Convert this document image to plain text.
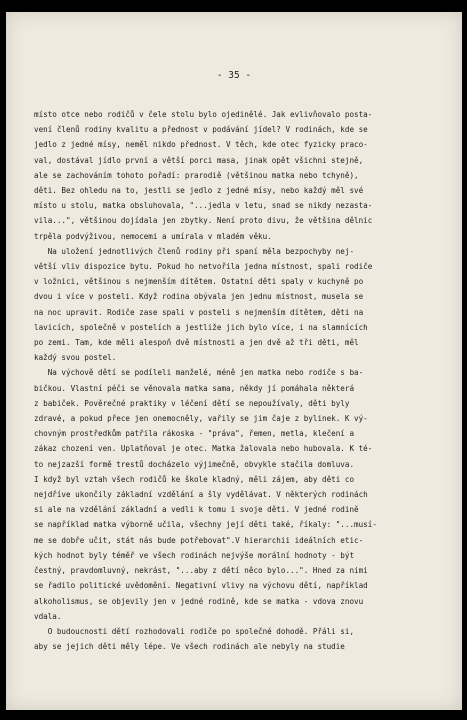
- 35 -

místo otce nebo rodičů v čele stolu bylo ojedinělé. Jak evlivňovalo posta-
vení členů rodiny kvalitu a přednost v podávání jídel? V rodinách, kde se
jedlo z jedné mísy, neměl nikdo přednost. V těch, kde otec fyzicky praco-
val, dostával jídlo první a větší porci masa, jinak opět všichni stejně,
ale se zachováním tohoto pořadí: prarodiě (většinou matka nebo tchyně),
děti. Bez ohledu na to, jestli se jedlo z jedné mísy, nebo každý měl své
místo u stolu, matka obsluhovala, "...jedla v letu, snad se nikdy nezasta-
vila...", většinou dojídala jen zbytky. Není proto divu, že většina dělnic
trpěla podvýživou, nemocemi a umírala v mladém věku.
Na uložení jednotlivých členů rodiny při spaní měla bezpochyby nej-
větší vliv dispozice bytu. Pokud ho netvořila jedna místnost, spali rodiče
v ložnici, většinou s nejmenším dítětem. Ostatní děti spaly v kuchyně po
dvou i více v posteli. Když rodina obývala jen jednu místnost, musela se
na noc upravit. Rodiče zase spali v posteli s nejmenším dítětem, děti na
lavicích, společně v postelích a jestliže jich bylo více, i na slamnících
po zemi. Tam, kde měli alespoň dvě místnosti a jen dvě až tři děti, měl
každý svou postel.
Na výchově dětí se podíleli manželé, méně jen matka nebo rodiče s ba-
bičkou. Vlastní péči se věnovala matka sama, někdy jí pomáhala některá
z babiček. Pověrečné praktiky v léčení dětí se nepoužívaly, děti byly
zdravé, a pokud přece jen onemocněly, vařily se jim čaje z bylinek. K vý-
chovným prostředkům patřila rákoska - "práva", řemen, metla, klečení a
zákaz chození ven. Uplatňoval je otec. Matka žalovala nebo hubovala. K té-
to nejzazší formě trestů docházelo výjimečně, obvykle stačila domluva.
I když byl vztah všech rodičů ke škole kladný, měli zájem, aby děti co
nejdříve ukončily základní vzdělání a šly vydělávat. V některých rodinách
si ale na vzdělání základní a vedli k tomu i svoje děti. V jedné rodině
se například matka výborně učila, všechny její děti také, říkaly: "...musí-
me se dobře učit, stát nás bude potřebovat".V hierarchii ideálních etic-
kých hodnot byly téměř ve všech rodinách nejvýše morální hodnoty - být
čestný, pravdomluvný, nekrást, "...aby z dětí něco bylo...". Hned za nimi
se řadilo politické uvědomění. Negativní vlivy na výchovu dětí, například
alkoholismus, se objevily jen v jedné rodině, kde se matka - vdova znovu
vdala.
O budoucnosti dětí rozhodovali rodiče po společné dohodě. Přáli si,
aby se jejich děti měly lépe. Ve všech rodinách ale nebyly na studie
